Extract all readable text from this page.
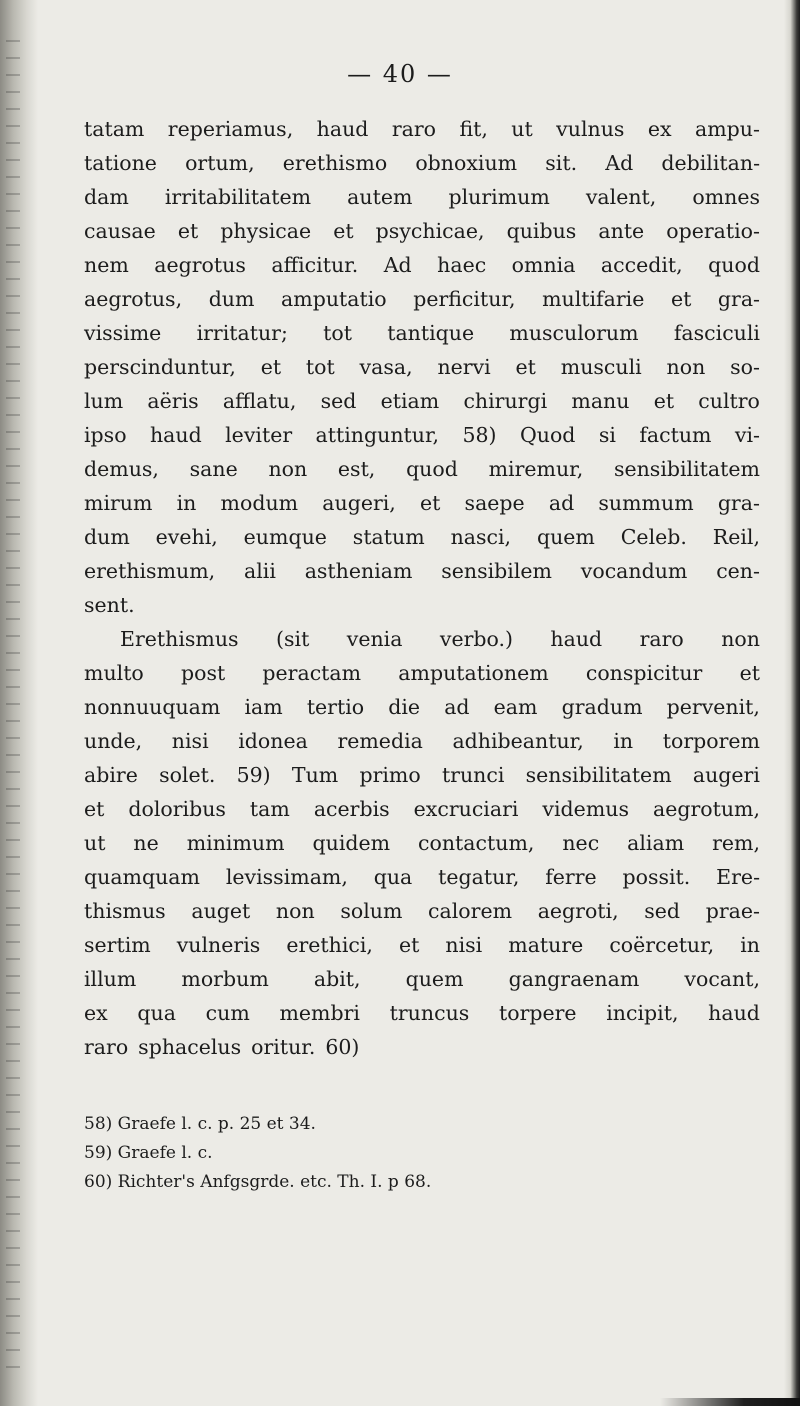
— 40 —
tatam reperiamus, haud raro fit, ut vulnus ex ampu-
tatione ortum, erethismo obnoxium sit. Ad debilitan-
dam irritabilitatem autem plurimum valent, omnes
causae et physicae et psychicae, quibus ante operatio-
nem aegrotus afficitur. Ad haec omnia accedit, quod
aegrotus, dum amputatio perficitur, multifarie et gra-
vissime irritatur; tot tantique musculorum fasciculi
perscinduntur, et tot vasa, nervi et musculi non so-
lum aëris afflatu, sed etiam chirurgi manu et cultro
ipso haud leviter attinguntur, 58) Quod si factum vi-
demus, sane non est, quod miremur, sensibilitatem
mirum in modum augeri, et saepe ad summum gra-
dum evehi, eumque statum nasci, quem Celeb. Reil,
erethismum, alii astheniam sensibilem vocandum cen-
sent.
Erethismus (sit venia verbo.) haud raro non
multo post peractam amputationem conspicitur et
nonnuuquam iam tertio die ad eam gradum pervenit,
unde, nisi idonea remedia adhibeantur, in torporem
abire solet. 59) Tum primo trunci sensibilitatem augeri
et doloribus tam acerbis excruciari videmus aegrotum,
ut ne minimum quidem contactum, nec aliam rem,
quamquam levissimam, qua tegatur, ferre possit. Ere-
thismus auget non solum calorem aegroti, sed prae-
sertim vulneris erethici, et nisi mature coërcetur, in
illum morbum abit, quem gangraenam vocant,
ex qua cum membri truncus torpere incipit, haud
raro sphacelus oritur. 60)
58) Graefe l. c. p. 25 et 34.
59) Graefe l. c.
60) Richter's Anfgsgrde. etc. Th. I. p 68.
